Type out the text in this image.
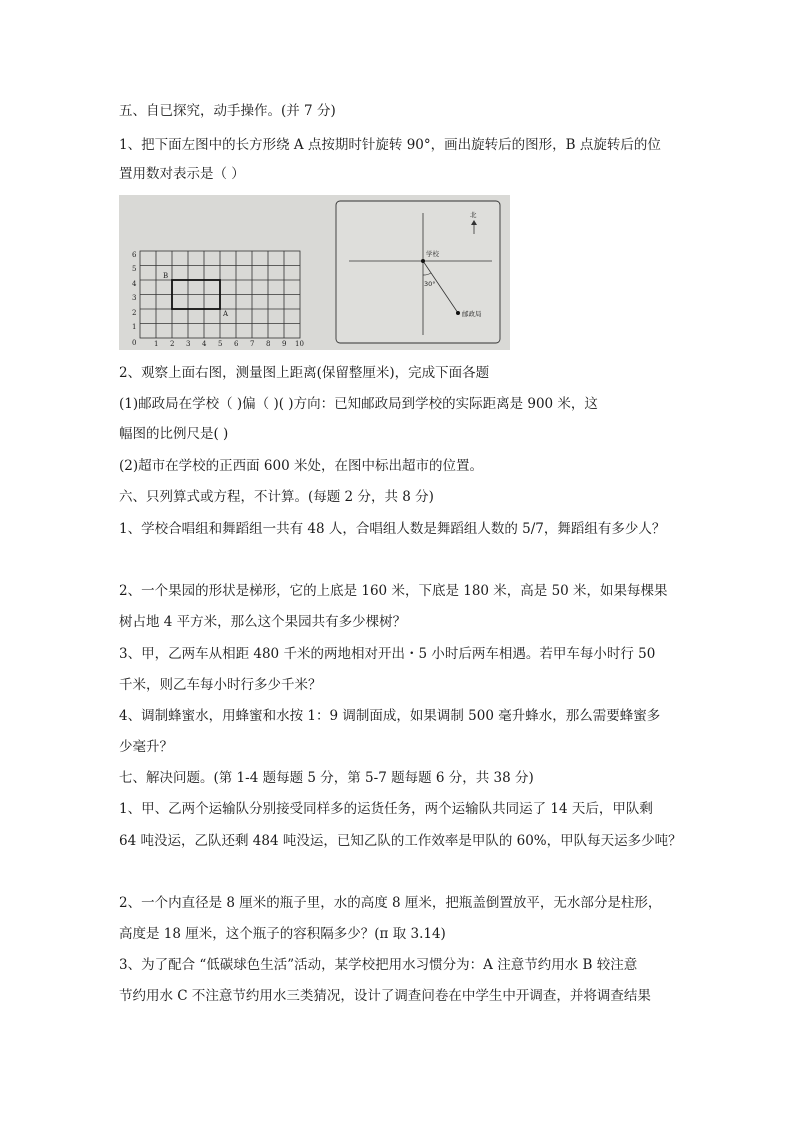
五、自已探究，动手操作。(并 7 分)
1、把下面左图中的长方形绕 A 点按期时针旋转 90°，画出旋转后的图形，B 点旋转后的位
置用数对表示是（ ）
B
A
6
5
4
3
2
1
0	1 2 3 4 5 6 7 8 9 10
学校
30°
邮政局
北
2、观察上面右图，测量图上距离(保留整厘米)，完成下面各题
(1)邮政局在学校（ )偏（ )( )方向：已知邮政局到学校的实际距离是 900 米，这
幅图的比例尺是( )
(2)超市在学校的正西面 600 米处，在图中标出超市的位置。
六、只列算式或方程，不计算。(每题 2 分，共 8 分)
1、学校合唱组和舞蹈组一共有 48 人，合唱组人数是舞蹈组人数的 5/7，舞蹈组有多少人？
2、一个果园的形状是梯形，它的上底是 160 米，下底是 180 米，高是 50 米，如果每棵果
树占地 4 平方米，那么这个果园共有多少棵树？
3、甲，乙两车从相距 480 千米的两地相对开出・5 小时后两车相遇。若甲车每小时行 50
千米，则乙车每小时行多少千米？
4、调制蜂蜜水，用蜂蜜和水按 1：9 调制面成，如果调制 500 毫升蜂水，那么需要蜂蜜多
少毫升？
七、解决问题。(第 1-4 题每题 5 分，第 5-7 题每题 6 分，共 38 分)
1、甲、乙两个运输队分别接受同样多的运货任务，两个运输队共同运了 14 天后，甲队剩
64 吨没运，乙队还剩 484 吨没运，已知乙队的工作效率是甲队的 60%，甲队每天运多少吨？
2、一个内直径是 8 厘米的瓶子里，水的高度 8 厘米，把瓶盖倒置放平，无水部分是柱形，
高度是 18 厘米，这个瓶子的容积隔多少？(π 取 3.14)
3、为了配合 “低碳球色生活”活动，某学校把用水习惯分为：A 注意节约用水 B 较注意
节约用水 C 不注意节约用水三类猜况，设计了调查问卷在中学生中开调查，并将调查结果
